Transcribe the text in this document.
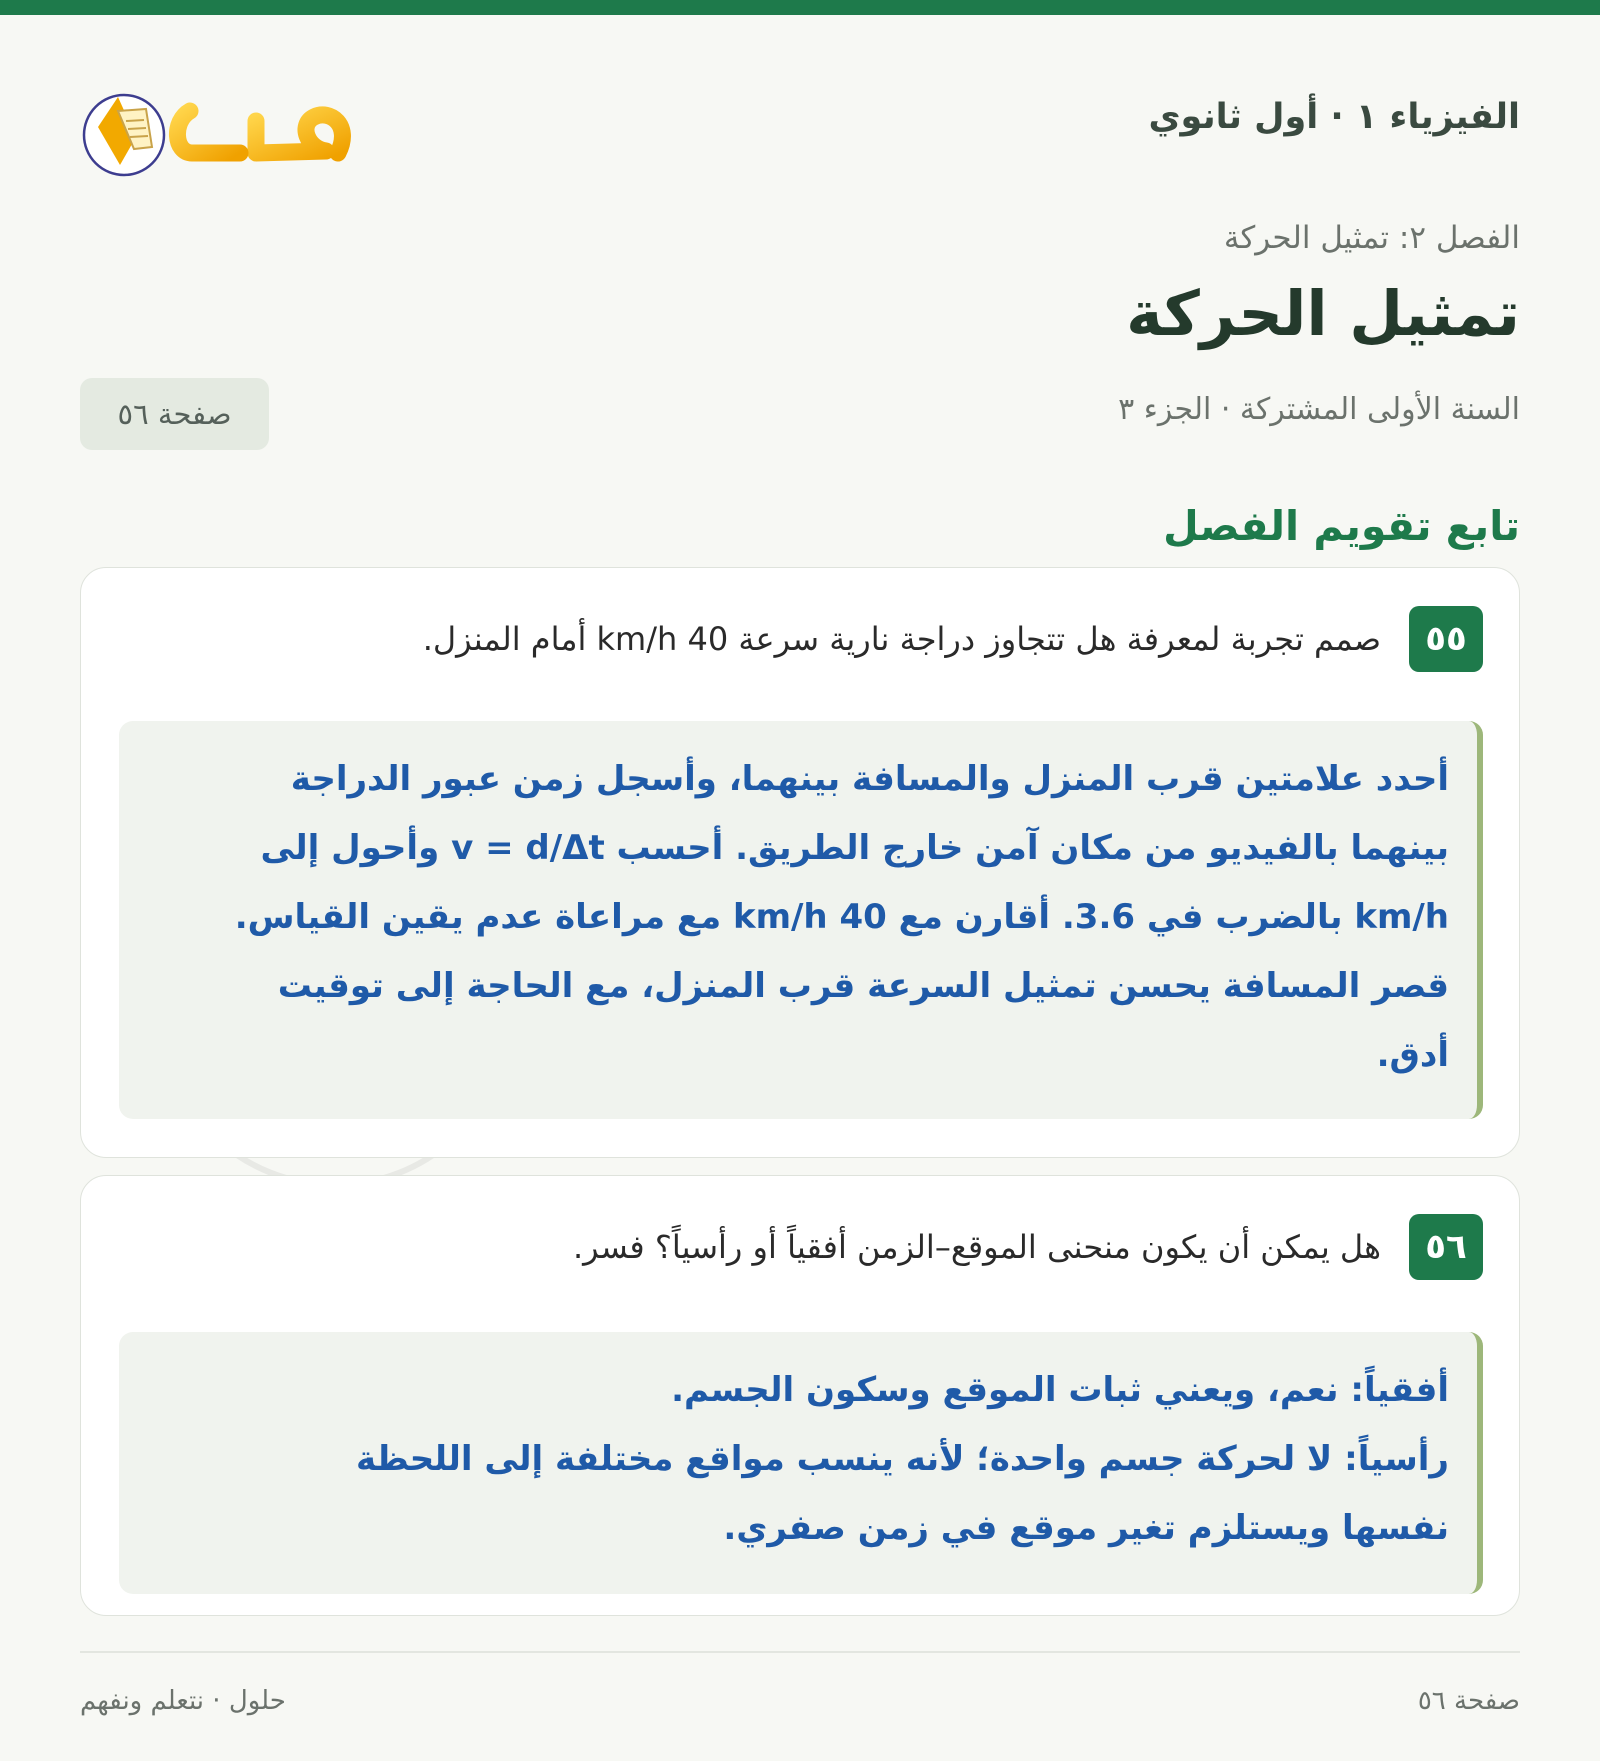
الفيزياء ١ · أول ثانوي
الفصل ٢: تمثيل الحركة
تمثيل الحركة
السنة الأولى المشتركة · الجزء ٣
صفحة ٥٦
تابع تقويم الفصل
٥٥
صمم تجربة لمعرفة هل تتجاوز دراجة نارية سرعة 40 km/h أمام المنزل.
أحدد علامتين قرب المنزل والمسافة بينهما، وأسجل زمن عبور الدراجة
بينهما بالفيديو من مكان آمن خارج الطريق. أحسب v = d/Δt وأحول إلى
km/h بالضرب في 3.6. أقارن مع 40 km/h مع مراعاة عدم يقين القياس.
قصر المسافة يحسن تمثيل السرعة قرب المنزل، مع الحاجة إلى توقيت
أدق.
٥٦
هل يمكن أن يكون منحنى الموقع–الزمن أفقياً أو رأسياً؟ فسر.
أفقياً: نعم، ويعني ثبات الموقع وسكون الجسم.
رأسياً: لا لحركة جسم واحدة؛ لأنه ينسب مواقع مختلفة إلى اللحظة
نفسها ويستلزم تغير موقع في زمن صفري.
صفحة ٥٦
حلول · نتعلم ونفهم
